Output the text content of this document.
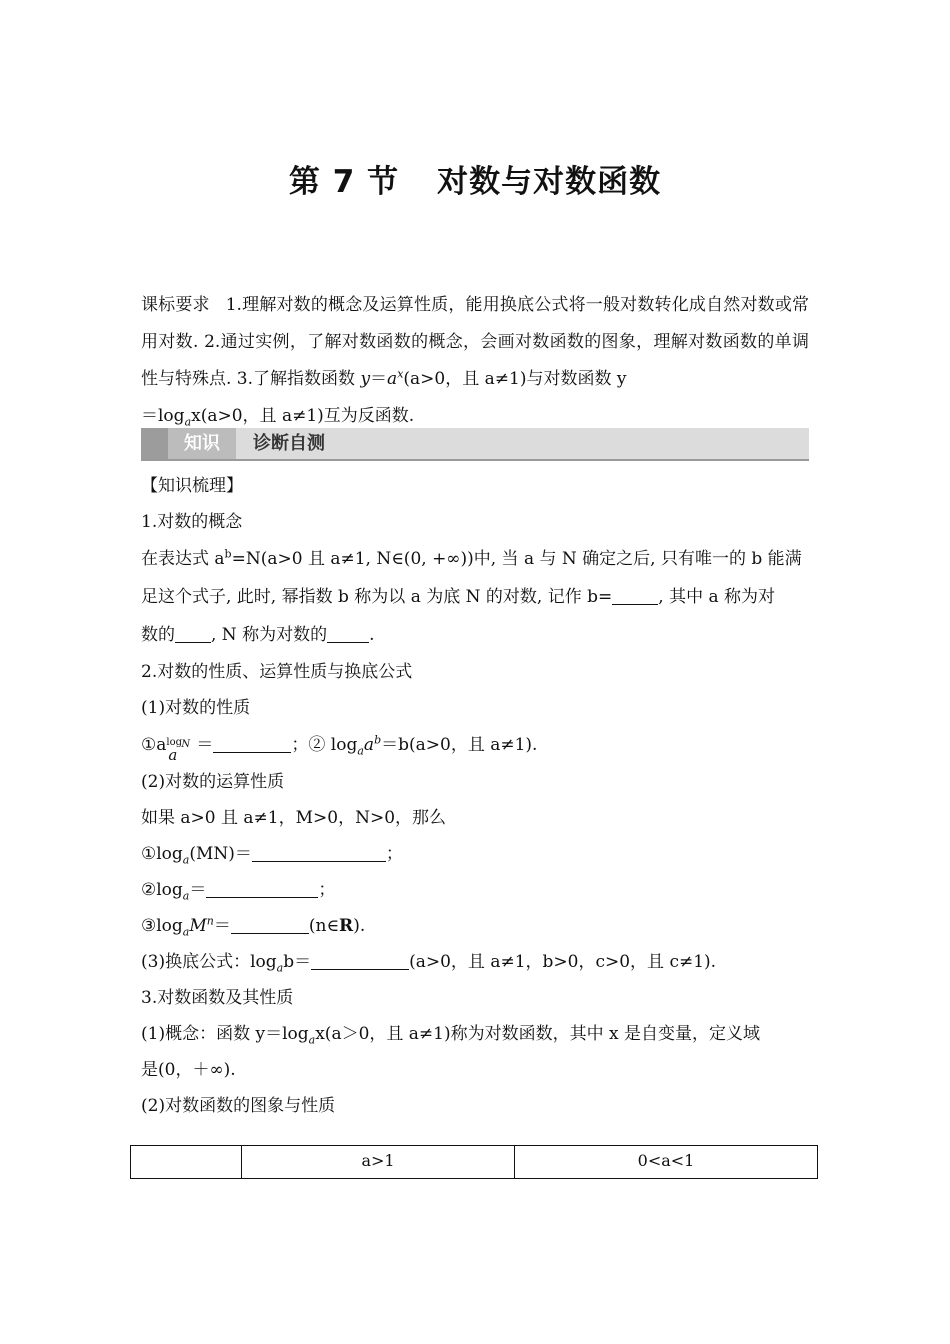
第 7 节 对数与对数函数
课标要求 1.理解对数的概念及运算性质，能用换底公式将一般对数转化成自然对数或常用对数. 2.通过实例，了解对数函数的概念，会画对数函数的图象，理解对数函数的单调性与特殊点. 3.了解指数函数 $y=a^x(a>0$，且 a≠1)与对数函数 y
$=\log_ax(a>0$，且 a≠1)互为反函数.
知识	诊断自测
【知识梳理】
1.对数的概念
在表达式 $a^b=N(a>0$ 且 a≠1, N∈(0, +∞))中, 当 a 与 N 确定之后, 只有唯一的 b 能满
足这个式子, 此时, 幂指数 b 称为以 a 为底 N 的对数, 记作 b=	, 其中 a 称为对
数的 , N 称为对数的 .
2.对数的性质、运算性质与换底公式
(1)对数的性质
①a log
a
N ＝	；② $\log_aa^b=b(a>0$，且 a≠1).
(2)对数的运算性质
如果 a>0 且 a≠1，M>0，N>0，那么
$①\log_a(MN)=$	；
$②\log_a=$	；
$③\log_aM^n=$	(n∈R).
(3)换底公式：$\log_ab=$	(a>0，且 a≠1，b>0，c>0，且 c≠1).
3.对数函数及其性质
(1)概念：函数 $y=\log_ax(a>0$，且 a≠1)称为对数函数，其中 x 是自变量，定义域
是(0，＋∞).
(2)对数函数的图象与性质
a>1	0<a<1
